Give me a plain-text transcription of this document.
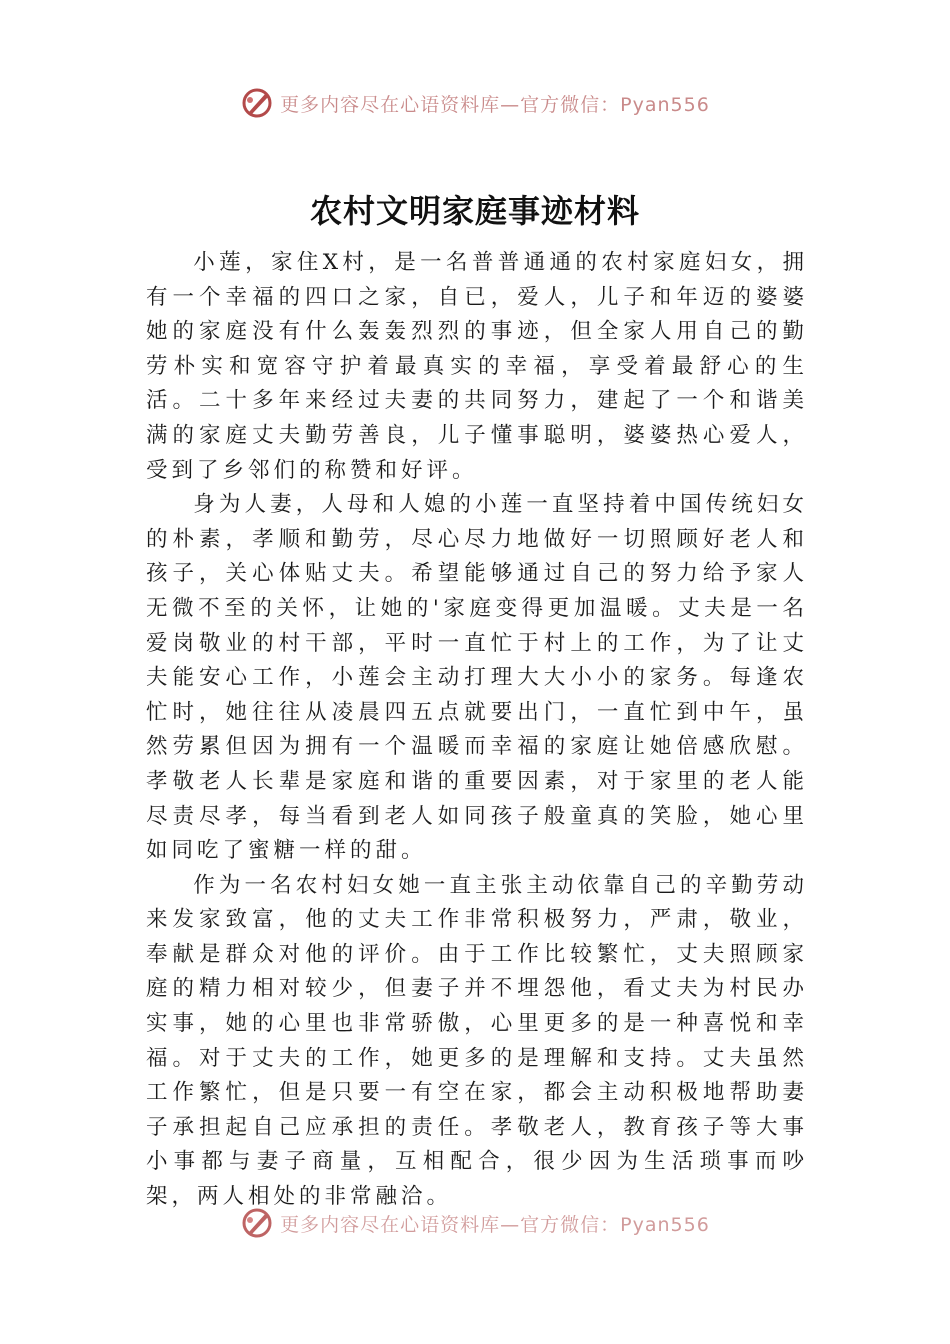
更多内容尽在心语资料库—官方微信：Pyan556
农村文明家庭事迹材料

小莲，家住X村，是一名普普通通的农村家庭妇女，拥有一个幸福的四口之家，自已，爱人，儿子和年迈的婆婆她的家庭没有什么轰轰烈烈的事迹，但全家人用自己的勤劳朴实和宽容守护着最真实的幸福，享受着最舒心的生活。二十多年来经过夫妻的共同努力，建起了一个和谐美满的家庭丈夫勤劳善良，儿子懂事聪明，婆婆热心爱人，受到了乡邻们的称赞和好评。

身为人妻，人母和人媳的小莲一直坚持着中国传统妇女的朴素，孝顺和勤劳，尽心尽力地做好一切照顾好老人和孩子，关心体贴丈夫。希望能够通过自己的努力给予家人无微不至的关怀，让她的'家庭变得更加温暖。丈夫是一名爱岗敬业的村干部，平时一直忙于村上的工作，为了让丈夫能安心工作，小莲会主动打理大大小小的家务。每逢农忙时，她往往从凌晨四五点就要出门，一直忙到中午，虽然劳累但因为拥有一个温暖而幸福的家庭让她倍感欣慰。孝敬老人长辈是家庭和谐的重要因素，对于家里的老人能尽责尽孝，每当看到老人如同孩子般童真的笑脸，她心里如同吃了蜜糖一样的甜。

作为一名农村妇女她一直主张主动依靠自己的辛勤劳动来发家致富，他的丈夫工作非常积极努力，严肃，敬业，奉献是群众对他的评价。由于工作比较繁忙，丈夫照顾家庭的精力相对较少，但妻子并不埋怨他，看丈夫为村民办实事，她的心里也非常骄傲，心里更多的是一种喜悦和幸福。对于丈夫的工作，她更多的是理解和支持。丈夫虽然工作繁忙，但是只要一有空在家，都会主动积极地帮助妻子承担起自己应承担的责任。孝敬老人，教育孩子等大事小事都与妻子商量，互相配合，很少因为生活琐事而吵架，两人相处的非常融洽。

更多内容尽在心语资料库—官方微信：Pyan556
